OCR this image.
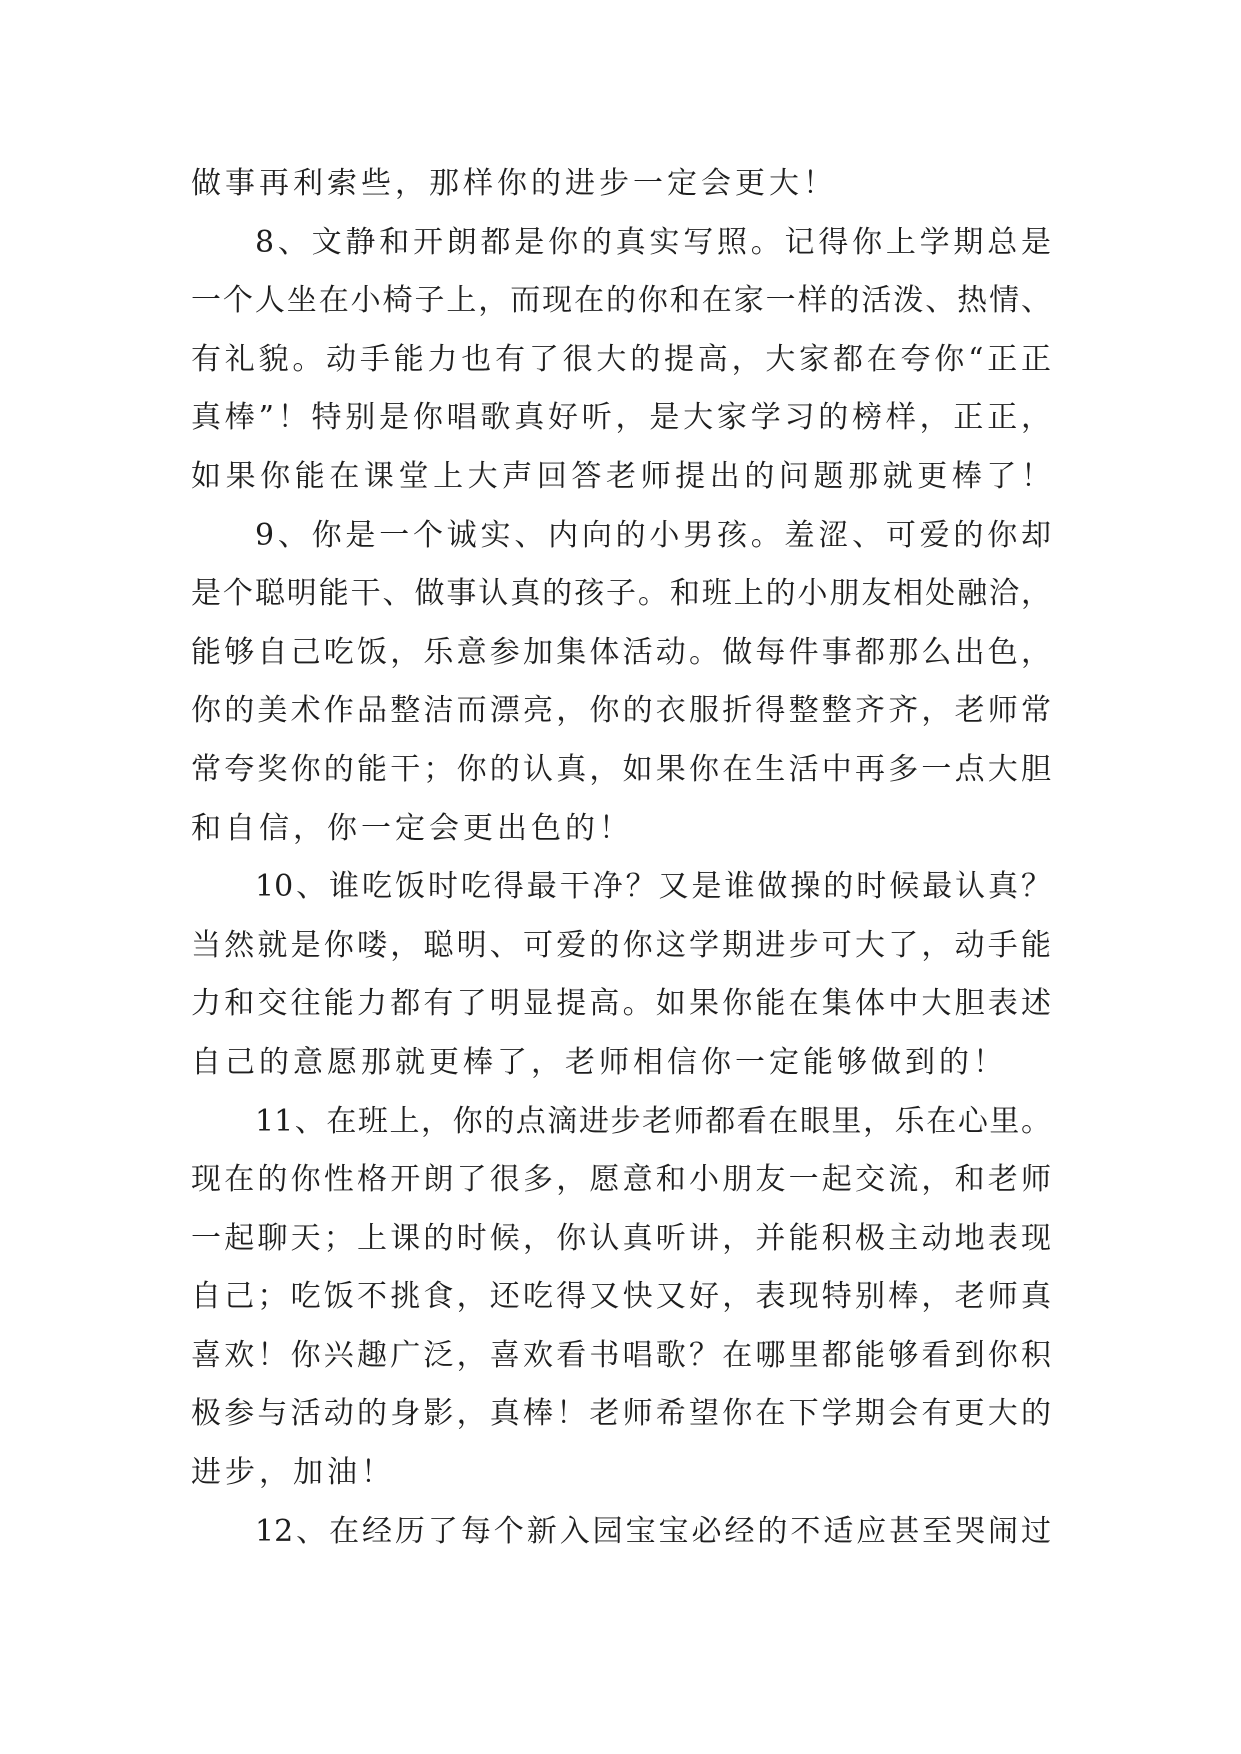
做事再利索些，那样你的进步一定会更大！
8、文静和开朗都是你的真实写照。记得你上学期总是
一个人坐在小椅子上，而现在的你和在家一样的活泼、热情、
有礼貌。动手能力也有了很大的提高，大家都在夸你“正正
真棒”！特别是你唱歌真好听，是大家学习的榜样，正正，
如果你能在课堂上大声回答老师提出的问题那就更棒了！
9、你是一个诚实、内向的小男孩。羞涩、可爱的你却
是个聪明能干、做事认真的孩子。和班上的小朋友相处融洽，
能够自己吃饭，乐意参加集体活动。做每件事都那么出色，
你的美术作品整洁而漂亮，你的衣服折得整整齐齐，老师常
常夸奖你的能干；你的认真，如果你在生活中再多一点大胆
和自信，你一定会更出色的！
10、谁吃饭时吃得最干净？又是谁做操的时候最认真？
当然就是你喽，聪明、可爱的你这学期进步可大了，动手能
力和交往能力都有了明显提高。如果你能在集体中大胆表述
自己的意愿那就更棒了，老师相信你一定能够做到的！
11、在班上，你的点滴进步老师都看在眼里，乐在心里。
现在的你性格开朗了很多，愿意和小朋友一起交流，和老师
一起聊天；上课的时候，你认真听讲，并能积极主动地表现
自己；吃饭不挑食，还吃得又快又好，表现特别棒，老师真
喜欢！你兴趣广泛，喜欢看书唱歌？在哪里都能够看到你积
极参与活动的身影，真棒！老师希望你在下学期会有更大的
进步，加油！
12、在经历了每个新入园宝宝必经的不适应甚至哭闹过
